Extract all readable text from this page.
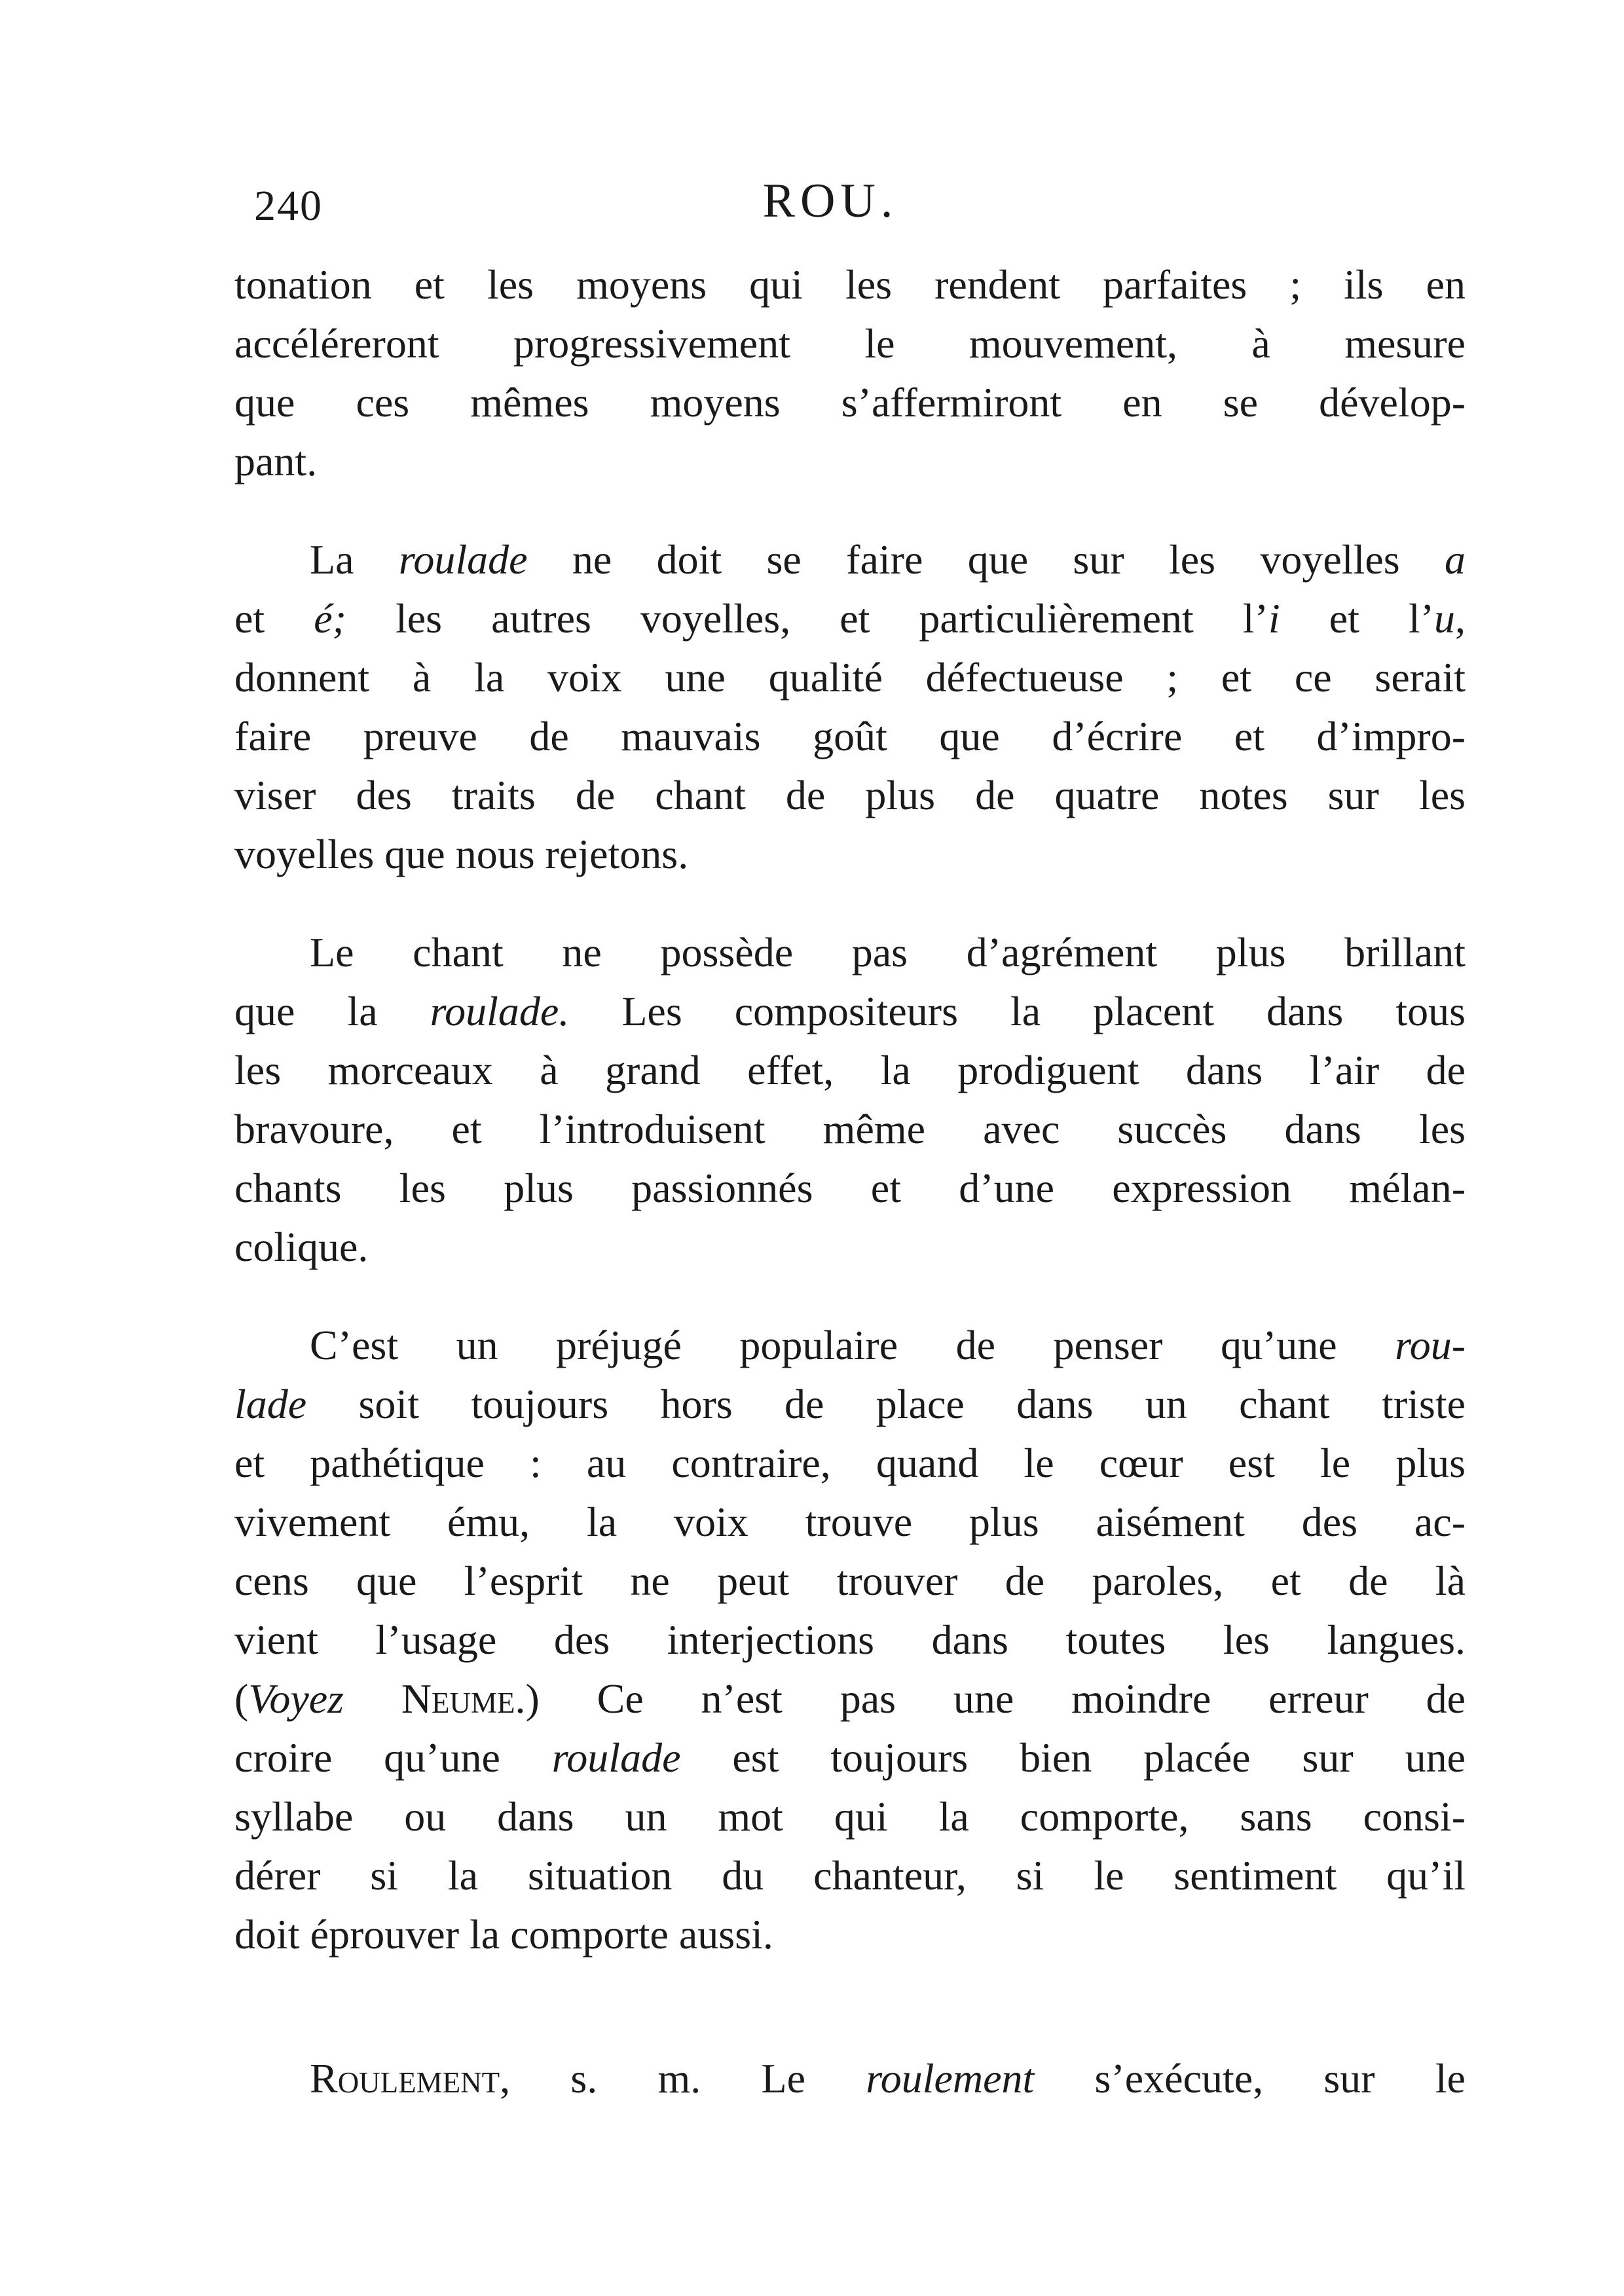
240	ROU.
tonation et les moyens qui les rendent parfaites ; ils en
accéléreront progressivement le mouvement, à mesure
que ces mêmes moyens s’affermiront en se dévelop-
pant.
La roulade ne doit se faire que sur les voyelles a
et é; les autres voyelles, et particulièrement l’i et l’u,
donnent à la voix une qualité défectueuse ; et ce serait
faire preuve de mauvais goût que d’écrire et d’impro-
viser des traits de chant de plus de quatre notes sur les
voyelles que nous rejetons.
Le chant ne possède pas d’agrément plus brillant
que la roulade. Les compositeurs la placent dans tous
les morceaux à grand effet, la prodiguent dans l’air de
bravoure, et l’introduisent même avec succès dans les
chants les plus passionnés et d’une expression mélan-
colique.
C’est un préjugé populaire de penser qu’une rou-
lade soit toujours hors de place dans un chant triste
et pathétique : au contraire, quand le cœur est le plus
vivement ému, la voix trouve plus aisément des ac-
cens que l’esprit ne peut trouver de paroles, et de là
vient l’usage des interjections dans toutes les langues.
(Voyez Neume.) Ce n’est pas une moindre erreur de
croire qu’une roulade est toujours bien placée sur une
syllabe ou dans un mot qui la comporte, sans consi-
dérer si la situation du chanteur, si le sentiment qu’il
doit éprouver la comporte aussi.
Roulement, s. m. Le roulement s’exécute, sur le
